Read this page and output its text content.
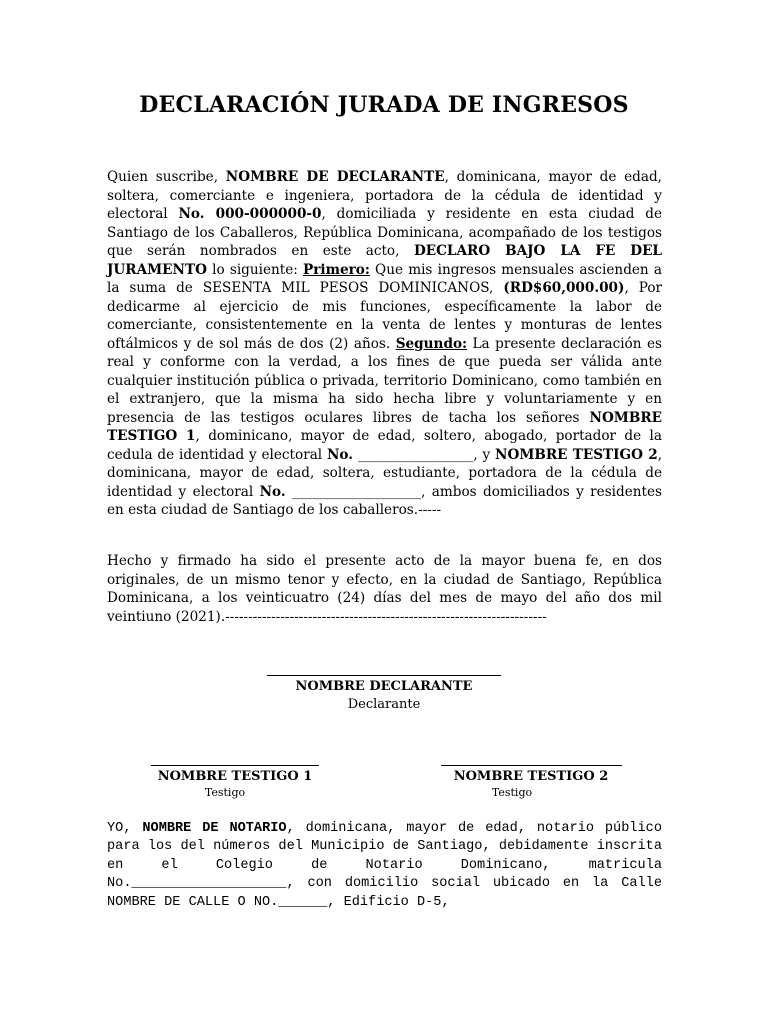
DECLARACIÓN JURADA DE INGRESOS
Quien suscribe, NOMBRE DE DECLARANTE, dominicana, mayor de edad, soltera, comerciante e ingeniera, portadora de la cédula de identidad y electoral No. 000-000000-0, domiciliada y residente en esta ciudad de Santiago de los Caballeros, República Dominicana, acompañado de los testigos que serán nombrados en este acto, DECLARO BAJO LA FE DEL JURAMENTO lo siguiente: Primero: Que mis ingresos mensuales ascienden a la suma de SESENTA MIL PESOS DOMINICANOS, (RD$60,000.00), Por dedicarme al ejercicio de mis funciones, específicamente la labor de comerciante, consistentemente en la venta de lentes y monturas de lentes oftálmicos y de sol más de dos (2) años. Segundo: La presente declaración es real y conforme con la verdad, a los fines de que pueda ser válida ante cualquier institución pública o privada, territorio Dominicano, como también en el extranjero, que la misma ha sido hecha libre y voluntariamente y en presencia de las testigos oculares libres de tacha los señores NOMBRE TESTIGO 1, dominicano, mayor de edad, soltero, abogado, portador de la cedula de identidad y electoral No. _________________, y NOMBRE TESTIGO 2, dominicana, mayor de edad, soltera, estudiante, portadora de la cédula de identidad y electoral No. ___________________, ambos domiciliados y residentes en esta ciudad de Santiago de los caballeros.-----
Hecho y firmado ha sido el presente acto de la mayor buena fe, en dos originales, de un mismo tenor y efecto, en la ciudad de Santiago, República Dominicana, a los veinticuatro (24) días del mes de mayo del año dos mil veintiuno (2021).----------------------------------------------------------------------
NOMBRE DECLARANTE
Declarante
NOMBRE TESTIGO 1
Testigo
NOMBRE TESTIGO 2
Testigo
YO, NOMBRE DE NOTARIO, dominicana, mayor de edad, notario público para los del números del Municipio de Santiago, debidamente inscrita en el Colegio de Notario Dominicano, matricula No.___________________, con domicilio social ubicado en la Calle NOMBRE DE CALLE O NO.______, Edificio D-5,
